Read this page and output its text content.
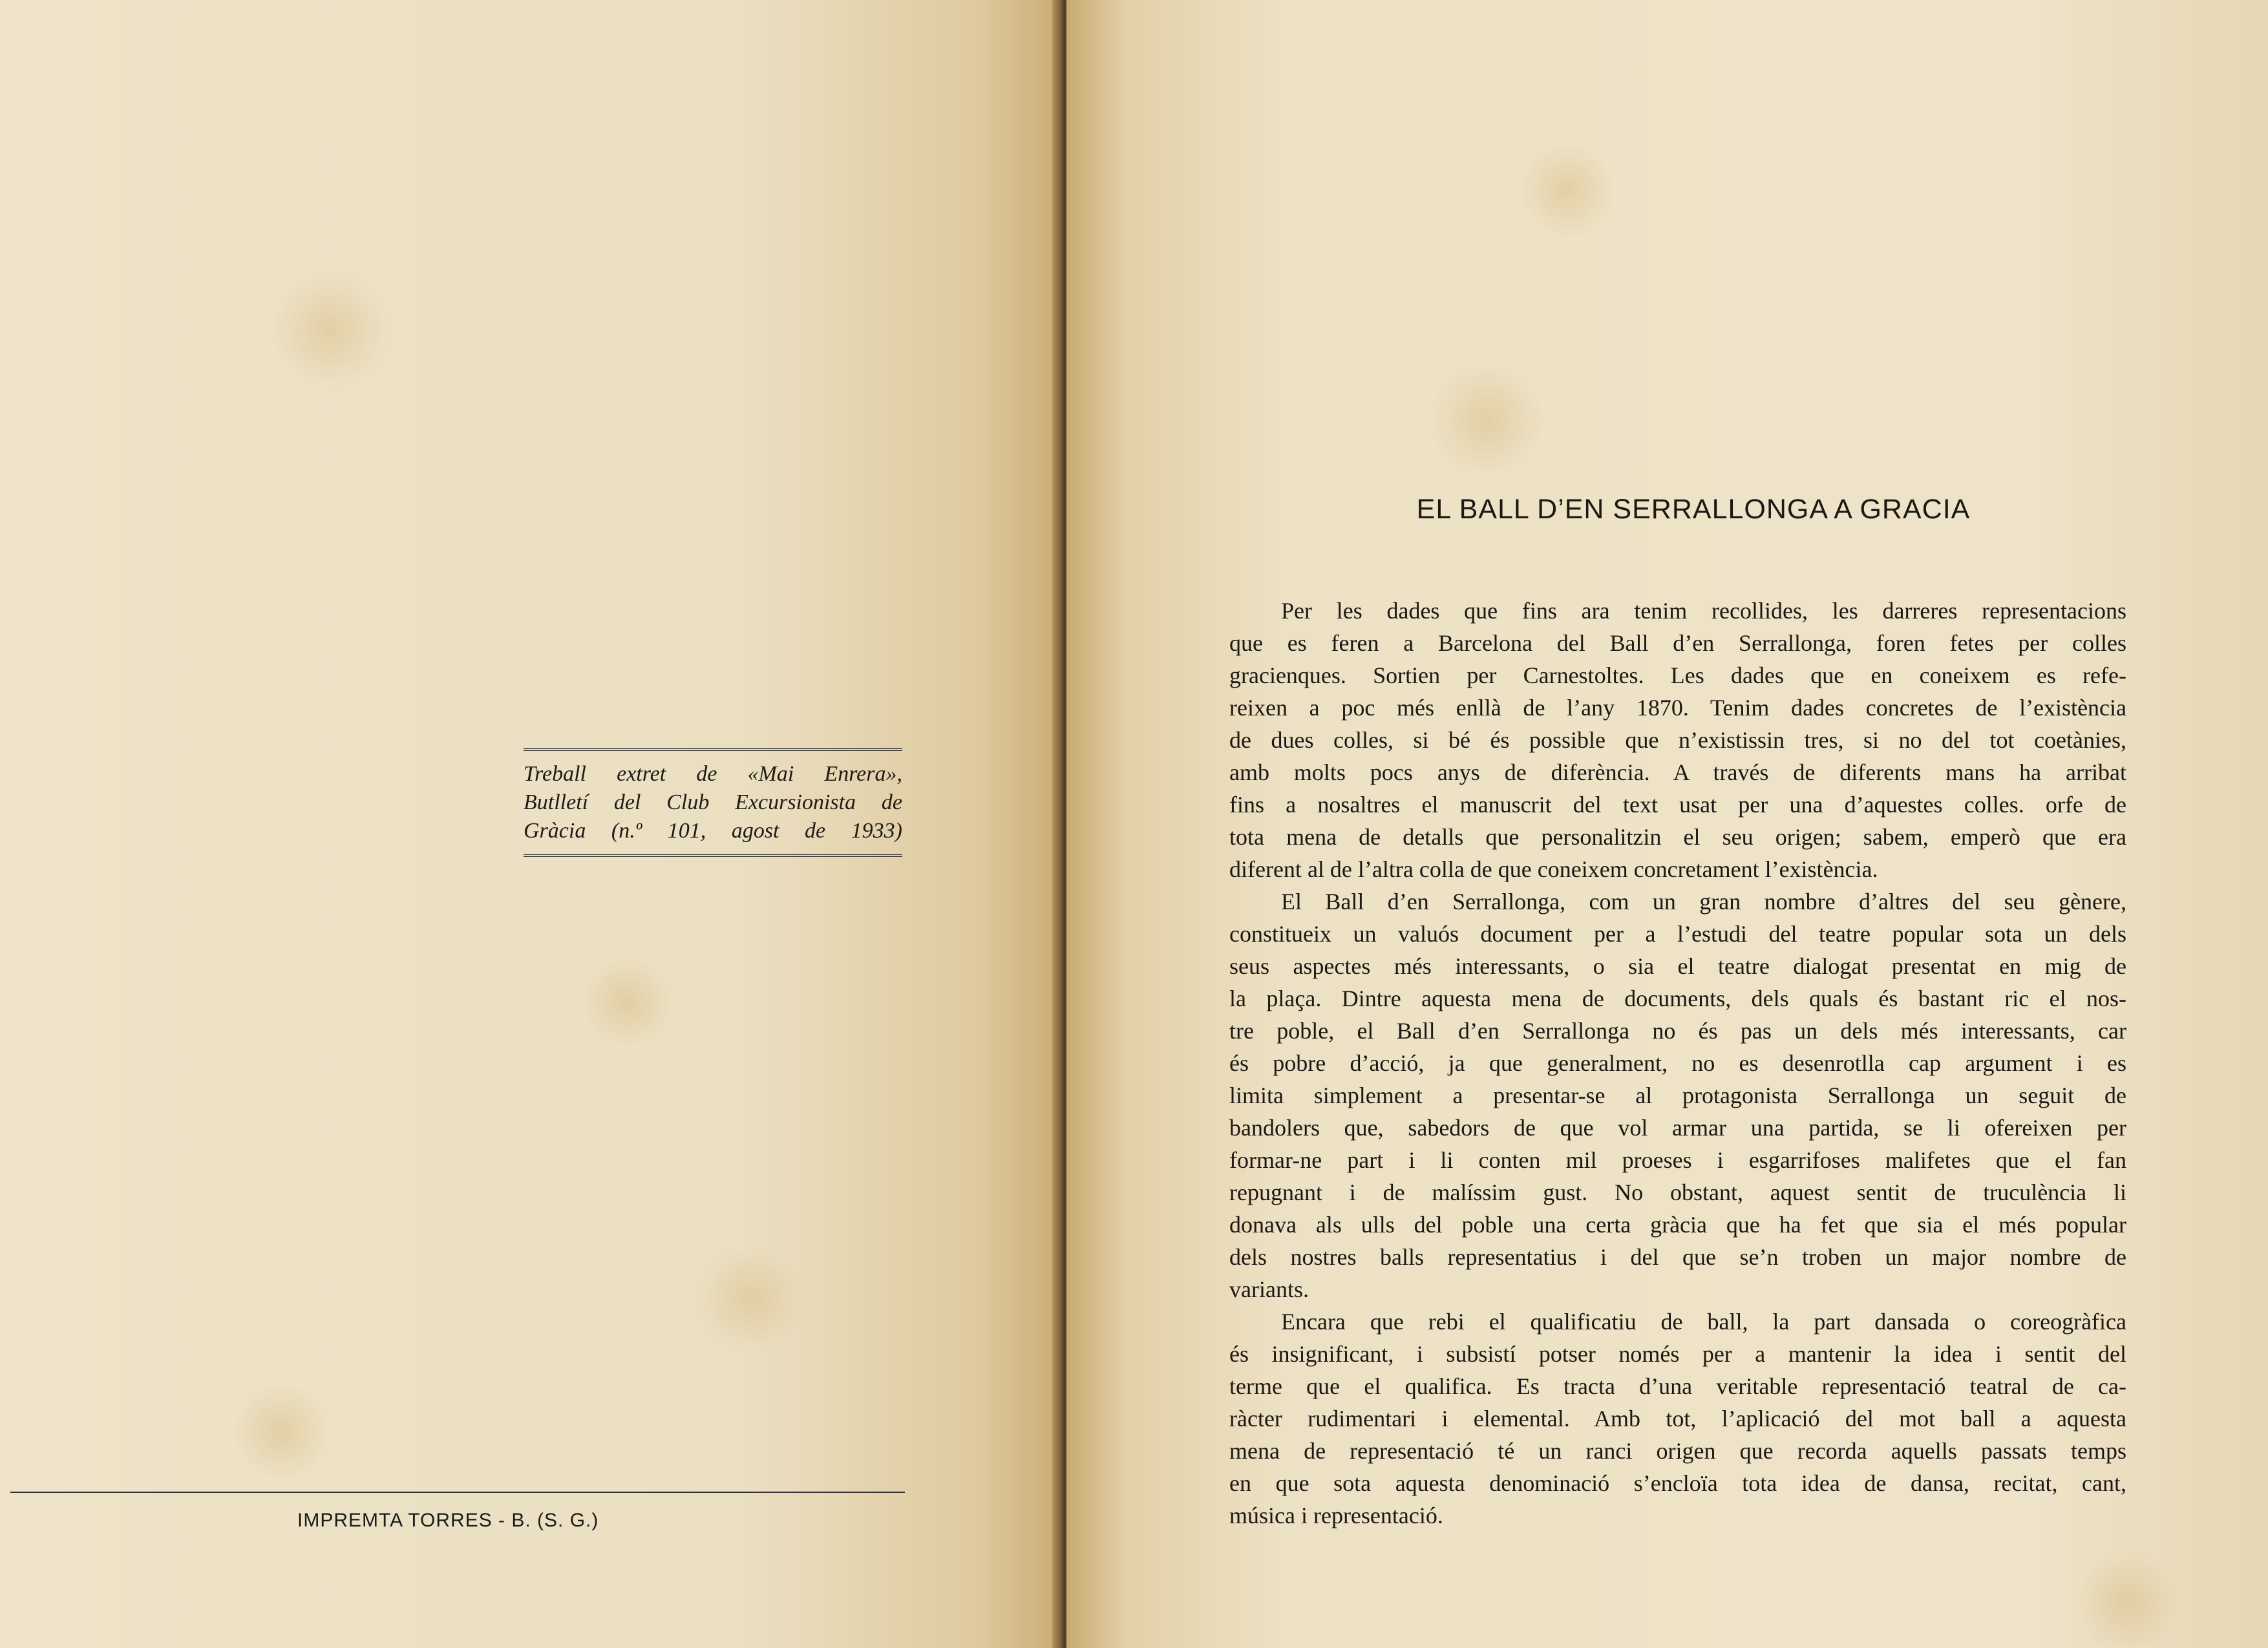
Treball extret de «Mai Enrera»,
Butlletí del Club Excursionista de
Gràcia (n.º 101, agost de 1933)
IMPREMTA TORRES - B. (S. G.)
EL BALL D’EN SERRALLONGA A GRACIA

Per les dades que fins ara tenim recollides, les darreres representacions
que es feren a Barcelona del Ball d’en Serrallonga, foren fetes per colles
gracienques. Sortien per Carnestoltes. Les dades que en coneixem es refe-
reixen a poc més enllà de l’any 1870. Tenim dades concretes de l’existència
de dues colles, si bé és possible que n’existissin tres, si no del tot coetànies,
amb molts pocs anys de diferència. A través de diferents mans ha arribat
fins a nosaltres el manuscrit del text usat per una d’aquestes colles. orfe de
tota mena de detalls que personalitzin el seu origen; sabem, emperò que era
diferent al de l’altra colla de que coneixem concretament l’existència.

El Ball d’en Serrallonga, com un gran nombre d’altres del seu gènere,
constitueix un valuós document per a l’estudi del teatre popular sota un dels
seus aspectes més interessants, o sia el teatre dialogat presentat en mig de
la plaça. Dintre aquesta mena de documents, dels quals és bastant ric el nos-
tre poble, el Ball d’en Serrallonga no és pas un dels més interessants, car
és pobre d’acció, ja que generalment, no es desenrotlla cap argument i es
limita simplement a presentar-se al protagonista Serrallonga un seguit de
bandolers que, sabedors de que vol armar una partida, se li ofereixen per
formar-ne part i li conten mil proeses i esgarrifoses malifetes que el fan
repugnant i de malíssim gust. No obstant, aquest sentit de truculència li
donava als ulls del poble una certa gràcia que ha fet que sia el més popular
dels nostres balls representatius i del que se’n troben un major nombre de
variants.

Encara que rebi el qualificatiu de ball, la part dansada o coreogràfica
és insignificant, i subsistí potser només per a mantenir la idea i sentit del
terme que el qualifica. Es tracta d’una veritable representació teatral de ca-
ràcter rudimentari i elemental. Amb tot, l’aplicació del mot ball a aquesta
mena de representació té un ranci origen que recorda aquells passats temps
en que sota aquesta denominació s’encloïa tota idea de dansa, recitat, cant,
música i representació.
